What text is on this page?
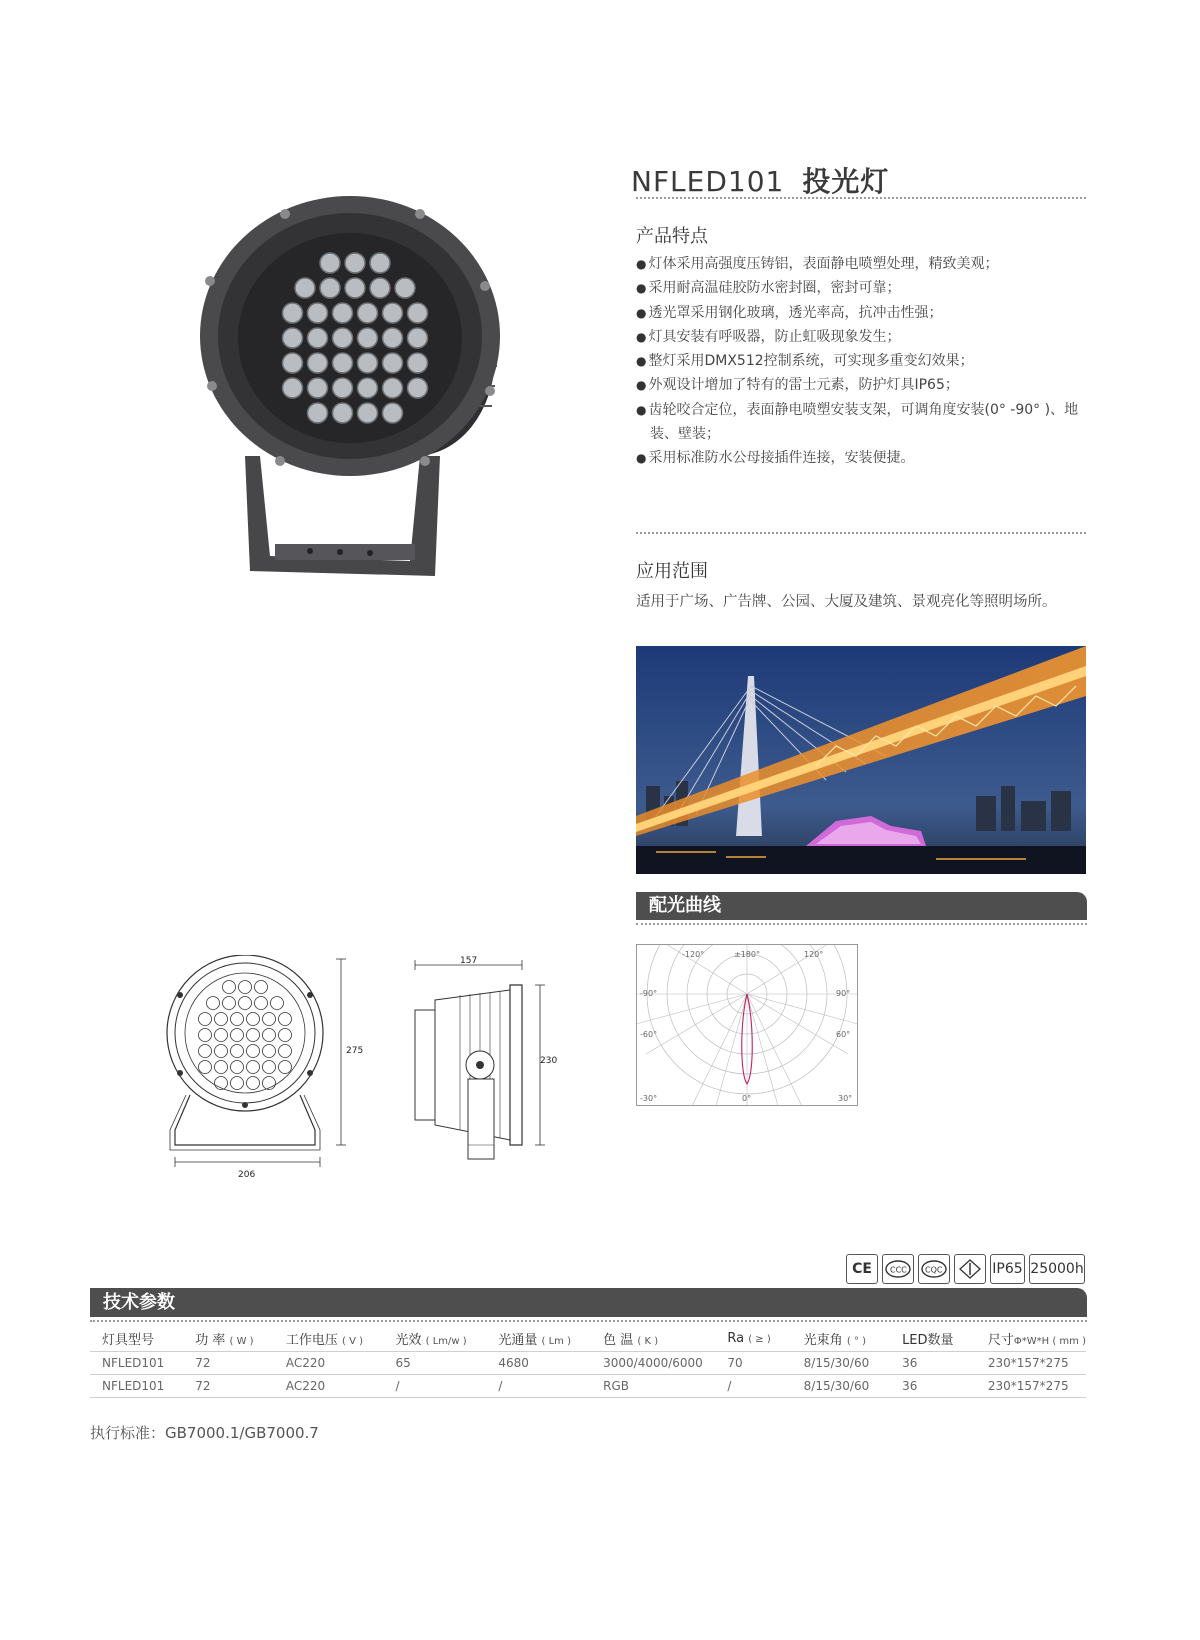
NFLED101 投光灯
产品特点
● 灯体采用高强度压铸铝，表面静电喷塑处理，精致美观；
● 采用耐高温硅胶防水密封圈，密封可靠；
● 透光罩采用钢化玻璃，透光率高，抗冲击性强；
● 灯具安装有呼吸器，防止虹吸现象发生；
● 整灯采用DMX512控制系统，可实现多重变幻效果；
● 外观设计增加了特有的雷士元素，防护灯具IP65；
● 齿轮咬合定位，表面静电喷塑安装支架，可调角度安装(0° -90° )、地装、壁装；
● 采用标准防水公母接插件连接，安装便捷。
应用范围
适用于广场、广告牌、公园、大厦及建筑、景观亮化等照明场所。
配光曲线
-120°	±180°	120°
-90°	90°
-60°	60°
-30°	0°	30°
275
206
157
230
CE CCC CQC	IP65 25000h
技术参数
灯具型号	功 率 ( W )	工作电压 ( V )	光效 ( Lm/w )	光通量 ( Lm )	色 温 ( K )	Ra ( ≥ )	光束角 ( ° )	LED数量	尺寸Φ*W*H ( mm )
NFLED101	72	AC220	65	4680	3000/4000/6000	70	8/15/30/60	36	230*157*275
NFLED101	72	AC220	/	/	RGB	/	8/15/30/60	36	230*157*275
执行标准：GB7000.1/GB7000.7
